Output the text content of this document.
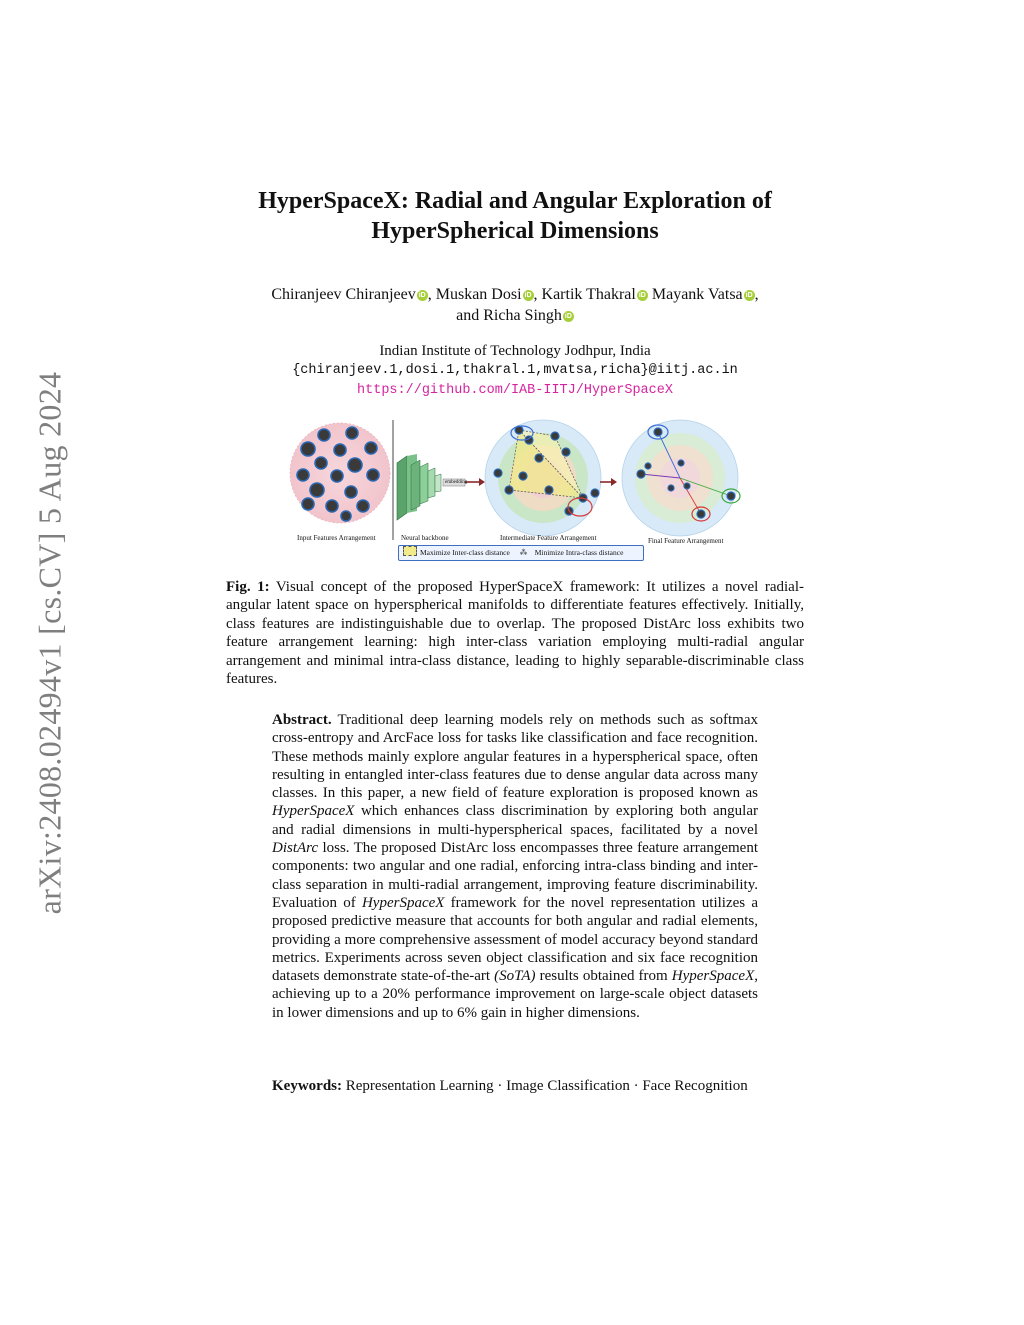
arXiv:2408.02494v1 [cs.CV] 5 Aug 2024
HyperSpaceX: Radial and Angular Exploration of
HyperSpherical Dimensions
Chiranjeev Chiranjeev iD , Muskan Dosi iD , Kartik Thakral iD Mayank Vatsa iD ,
and Richa Singh iD
Indian Institute of Technology Jodhpur, India
{chiranjeev.1,dosi.1,thakral.1,mvatsa,richa}@iitj.ac.in
https://github.com/IAB-IITJ/HyperSpaceX
Input Features Arrangement	Neural backbone
embedding
Intermediate Feature Arrangement	Final Feature Arrangement
Maximize Inter-class distance ⁂ Minimize Intra-class distance
Fig. 1: Visual concept of the proposed HyperSpaceX framework: It utilizes a novel radial-angular latent space on hyperspherical manifolds to differentiate features effectively. Initially, class features are indistinguishable due to overlap. The proposed DistArc loss exhibits two feature arrangement learning: high inter-class variation employing multi-radial angular arrangement and minimal intra-class distance, leading to highly separable-discriminable class features.
Abstract. Traditional deep learning models rely on methods such as softmax cross-entropy and ArcFace loss for tasks like classification and face recognition. These methods mainly explore angular features in a hyperspherical space, often resulting in entangled inter-class features due to dense angular data across many classes. In this paper, a new field of feature exploration is proposed known as HyperSpaceX which enhances class discrimination by exploring both angular and radial dimensions in multi-hyperspherical spaces, facilitated by a novel DistArc loss. The proposed DistArc loss encompasses three feature arrangement components: two angular and one radial, enforcing intra-class binding and inter-class separation in multi-radial arrangement, improving feature discriminability. Evaluation of HyperSpaceX framework for the novel representation utilizes a proposed predictive measure that accounts for both angular and radial elements, providing a more comprehensive assessment of model accuracy beyond standard metrics. Experiments across seven object classification and six face recognition datasets demonstrate state-of-the-art (SoTA) results obtained from HyperSpaceX, achieving up to a 20% performance improvement on large-scale object datasets in lower dimensions and up to 6% gain in higher dimensions.
Keywords: Representation Learning · Image Classification · Face Recognition
